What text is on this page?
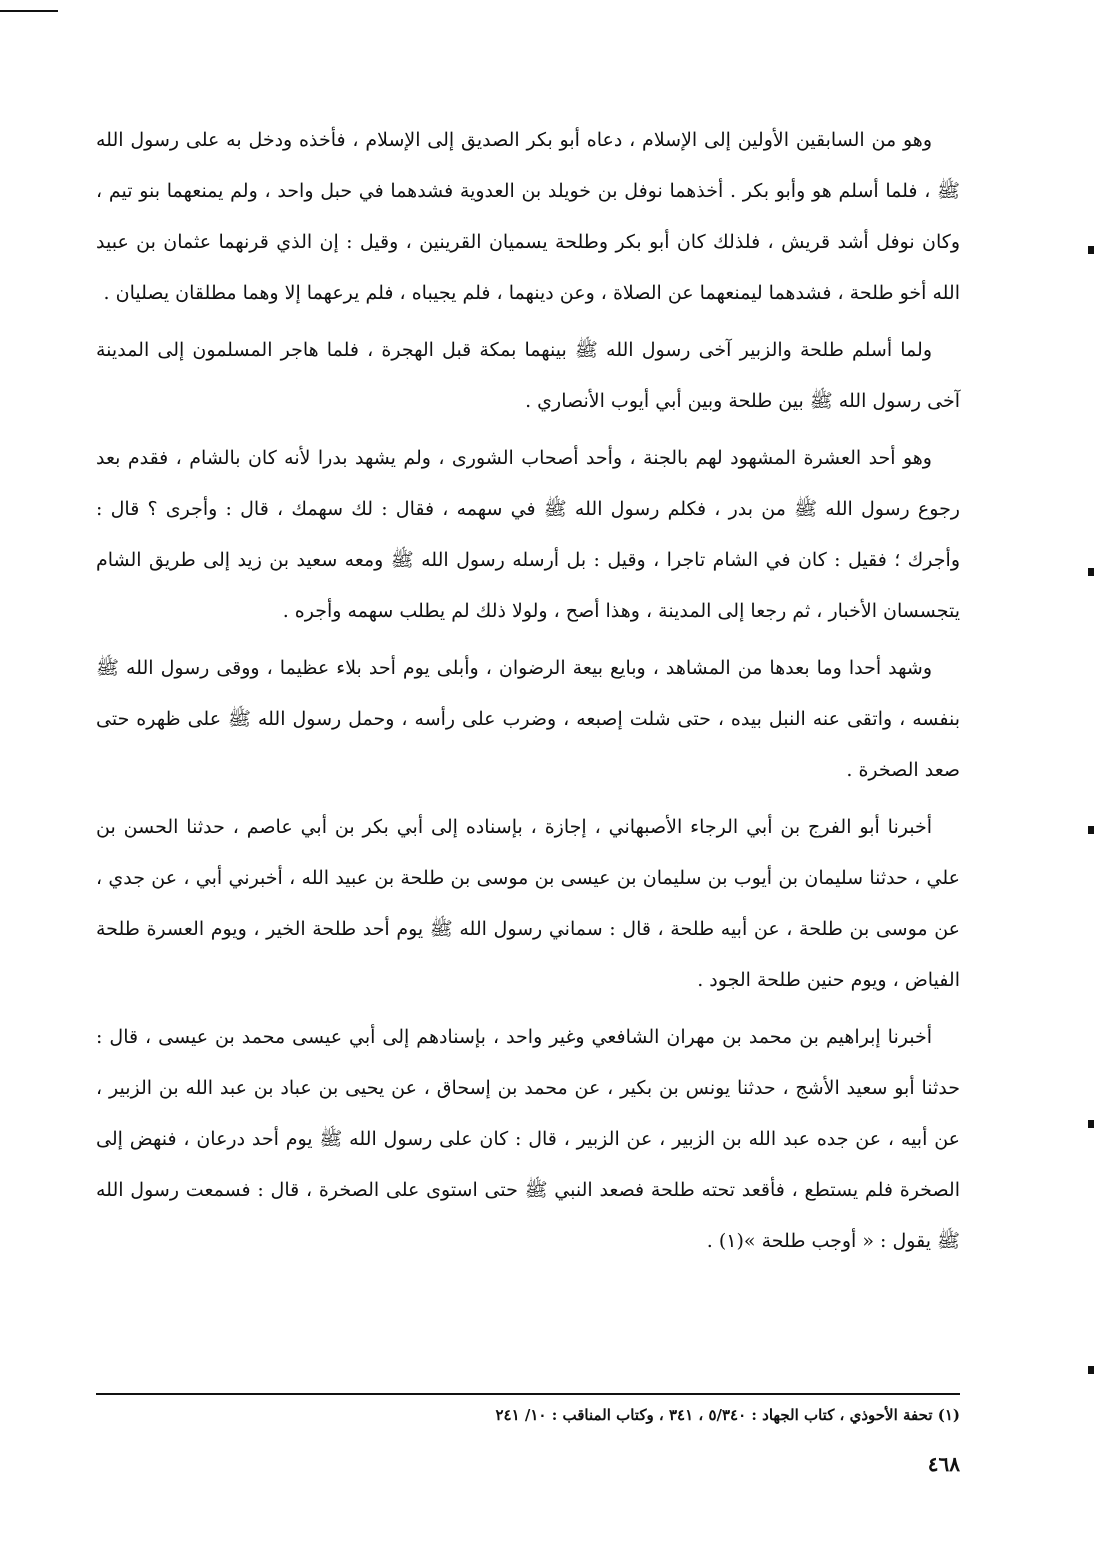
وهو من السابقين الأولين إلى الإسلام ، دعاه أبو بكر الصديق إلى الإسلام ، فأخذه ودخل به على رسول الله ﷺ ، فلما أسلم هو وأبو بكر . أخذهما نوفل بن خويلد بن العدوية فشدهما في حبل واحد ، ولم يمنعهما بنو تيم ، وكان نوفل أشد قريش ، فلذلك كان أبو بكر وطلحة يسميان القرينين ، وقيل : إن الذي قرنهما عثمان بن عبيد الله أخو طلحة ، فشدهما ليمنعهما عن الصلاة ، وعن دينهما ، فلم يجيباه ، فلم يرعهما إلا وهما مطلقان يصليان .

ولما أسلم طلحة والزبير آخى رسول الله ﷺ بينهما بمكة قبل الهجرة ، فلما هاجر المسلمون إلى المدينة آخى رسول الله ﷺ بين طلحة وبين أبي أيوب الأنصاري .

وهو أحد العشرة المشهود لهم بالجنة ، وأحد أصحاب الشورى ، ولم يشهد بدرا لأنه كان بالشام ، فقدم بعد رجوع رسول الله ﷺ من بدر ، فكلم رسول الله ﷺ في سهمه ، فقال : لك سهمك ، قال : وأجرى ؟ قال : وأجرك ؛ فقيل : كان في الشام تاجرا ، وقيل : بل أرسله رسول الله ﷺ ومعه سعيد بن زيد إلى طريق الشام يتجسسان الأخبار ، ثم رجعا إلى المدينة ، وهذا أصح ، ولولا ذلك لم يطلب سهمه وأجره .

وشهد أحدا وما بعدها من المشاهد ، وبايع بيعة الرضوان ، وأبلى يوم أحد بلاء عظيما ، ووقى رسول الله ﷺ بنفسه ، واتقى عنه النبل بيده ، حتى شلت إصبعه ، وضرب على رأسه ، وحمل رسول الله ﷺ على ظهره حتى صعد الصخرة .

أخبرنا أبو الفرج بن أبي الرجاء الأصبهاني ، إجازة ، بإسناده إلى أبي بكر بن أبي عاصم ، حدثنا الحسن بن علي ، حدثنا سليمان بن أيوب بن سليمان بن عيسى بن موسى بن طلحة بن عبيد الله ، أخبرني أبي ، عن جدي ، عن موسى بن طلحة ، عن أبيه طلحة ، قال : سماني رسول الله ﷺ يوم أحد طلحة الخير ، ويوم العسرة طلحة الفياض ، ويوم حنين طلحة الجود .

أخبرنا إبراهيم بن محمد بن مهران الشافعي وغير واحد ، بإسنادهم إلى أبي عيسى محمد بن عيسى ، قال : حدثنا أبو سعيد الأشج ، حدثنا يونس بن بكير ، عن محمد بن إسحاق ، عن يحيى بن عباد بن عبد الله بن الزبير ، عن أبيه ، عن جده عبد الله بن الزبير ، عن الزبير ، قال : كان على رسول الله ﷺ يوم أحد درعان ، فنهض إلى الصخرة فلم يستطع ، فأقعد تحته طلحة فصعد النبي ﷺ حتى استوى على الصخرة ، قال : فسمعت رسول الله ﷺ يقول : « أوجب طلحة »(١) .

(١) تحفة الأحوذي ، كتاب الجهاد : ٥/٣٤٠ ، ٣٤١ ، وكتاب المناقب : ١٠/ ٢٤١
٤٦٨
